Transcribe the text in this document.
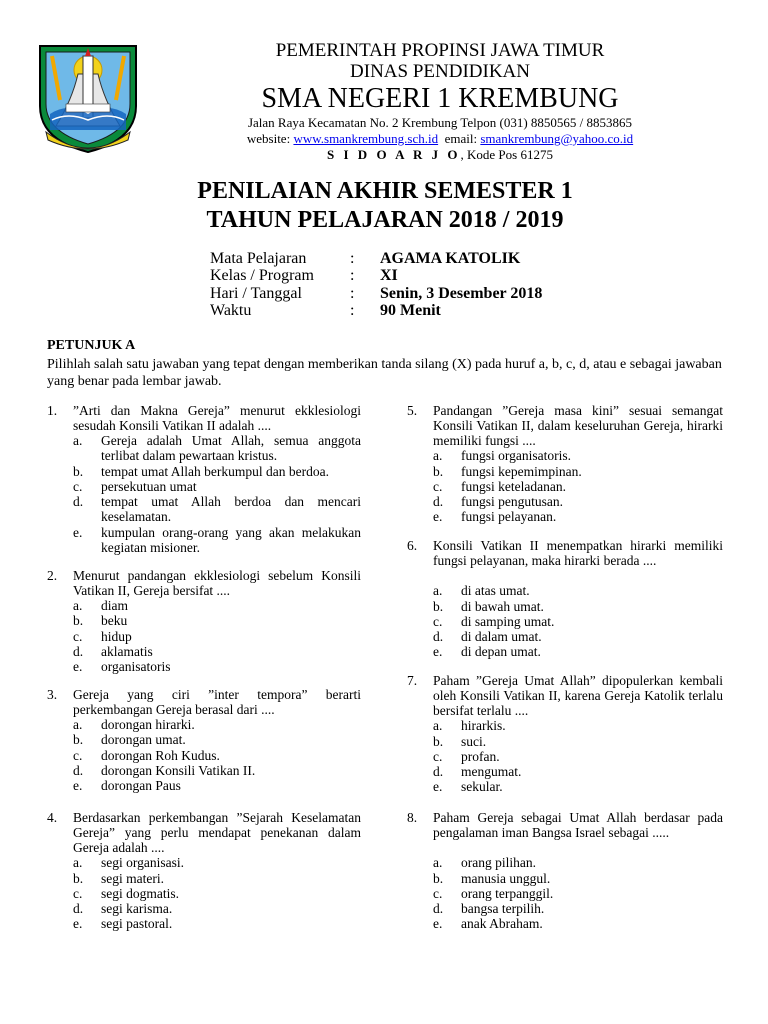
PEMERINTAH PROPINSI JAWA TIMUR
DINAS PENDIDIKAN
SMA NEGERI 1 KREMBUNG
Jalan Raya Kecamatan No. 2 Krembung Telpon (031) 8850565 / 8853865
website: www.smankrembung.sch.id email: smankrembung@yahoo.co.id
S I D O A R J O, Kode Pos 61275
PENILAIAN AKHIR SEMESTER 1
TAHUN PELAJARAN 2018 / 2019
Mata Pelajaran	: AGAMA KATOLIK
Kelas / Program : XI
Hari / Tanggal	: Senin, 3 Desember 2018
Waktu	: 90 Menit
PETUNJUK A
Pilihlah salah satu jawaban yang tepat dengan memberikan tanda silang (X) pada huruf a, b, c, d, atau e sebagai jawaban yang benar pada lembar jawab.
1. ”Arti dan Makna Gereja” menurut ekklesiologi sesudah Konsili Vatikan II adalah ....
a. Gereja adalah Umat Allah, semua anggota terlibat dalam pewartaan kristus.
b. tempat umat Allah berkumpul dan berdoa.
c. persekutuan umat
d. tempat umat Allah berdoa dan mencari keselamatan.
e. kumpulan orang-orang yang akan melakukan kegiatan misioner.
2. Menurut pandangan ekklesiologi sebelum Konsili Vatikan II, Gereja bersifat ....
a. diam
b. beku
c. hidup
d. aklamatis
e. organisatoris
3. Gereja yang ciri ”inter tempora” berarti perkembangan Gereja berasal dari ....
a. dorongan hirarki.
b. dorongan umat.
c. dorongan Roh Kudus.
d. dorongan Konsili Vatikan II.
e. dorongan Paus
4. Berdasarkan perkembangan ”Sejarah Keselamatan Gereja” yang perlu mendapat penekanan dalam Gereja adalah ....
a. segi organisasi.
b. segi materi.
c. segi dogmatis.
d. segi karisma.
e. segi pastoral.
5. Pandangan ”Gereja masa kini” sesuai semangat Konsili Vatikan II, dalam keseluruhan Gereja, hirarki memiliki fungsi ....
a. fungsi organisatoris.
b. fungsi kepemimpinan.
c. fungsi keteladanan.
d. fungsi pengutusan.
e. fungsi pelayanan.
6. Konsili Vatikan II menempatkan hirarki memiliki fungsi pelayanan, maka hirarki berada ....
a. di atas umat.
b. di bawah umat.
c. di samping umat.
d. di dalam umat.
e. di depan umat.
7. Paham ”Gereja Umat Allah” dipopulerkan kembali oleh Konsili Vatikan II, karena Gereja Katolik terlalu bersifat terlalu ....
a. hirarkis.
b. suci.
c. profan.
d. mengumat.
e. sekular.
8. Paham Gereja sebagai Umat Allah berdasar pada pengalaman iman Bangsa Israel sebagai .....
a. orang pilihan.
b. manusia unggul.
c. orang terpanggil.
d. bangsa terpilih.
e. anak Abraham.
